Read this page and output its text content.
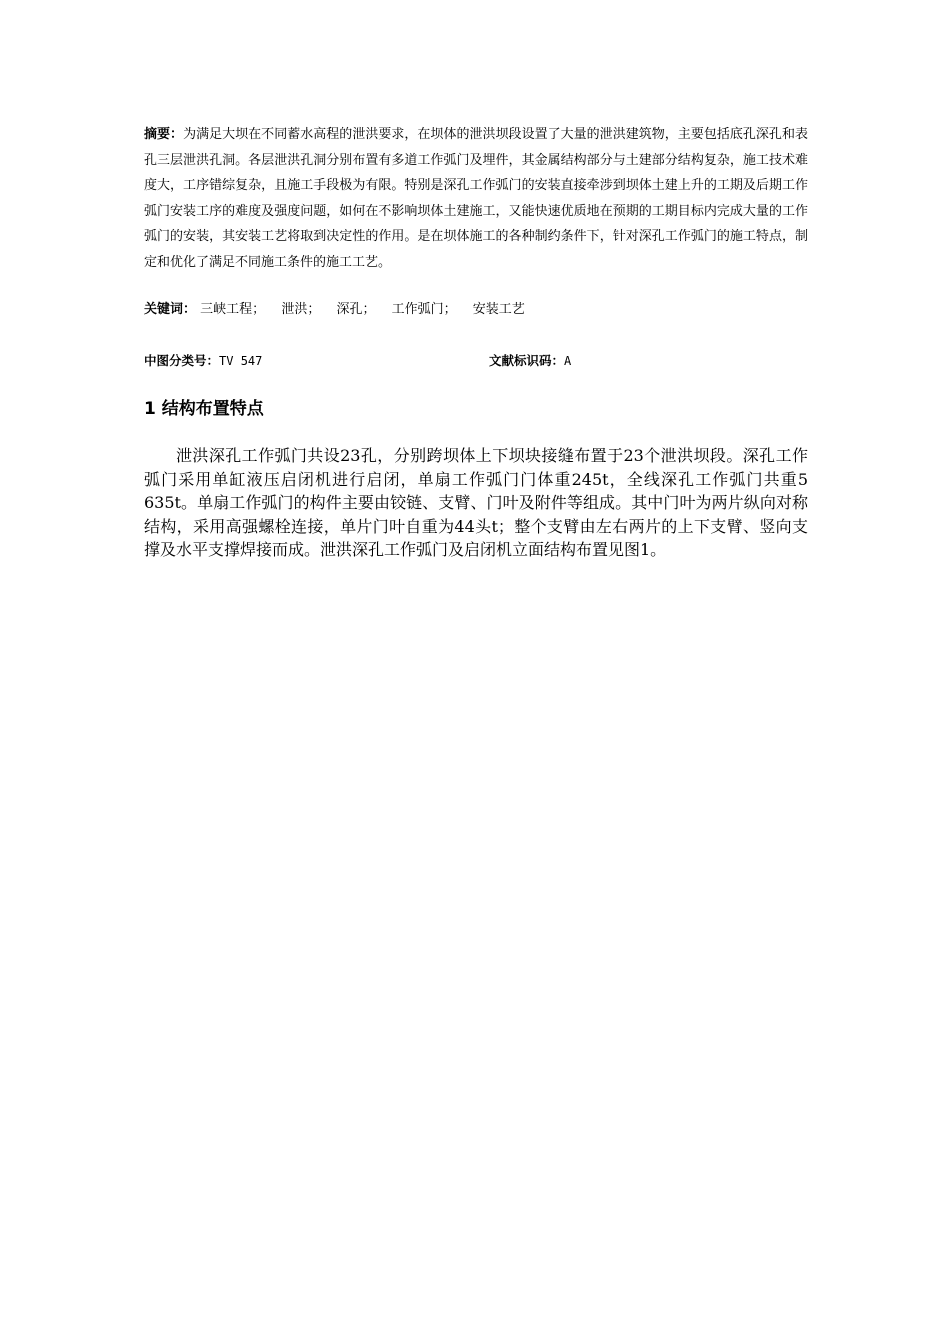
摘要：为满足大坝在不同蓄水高程的泄洪要求，在坝体的泄洪坝段设置了大量的泄洪建筑物，主要包括底孔深孔和表孔三层泄洪孔洞。各层泄洪孔洞分别布置有多道工作弧门及埋件，其金属结构部分与土建部分结构复杂，施工技术难度大，工序错综复杂，且施工手段极为有限。特别是深孔工作弧门的安装直接牵涉到坝体土建上升的工期及后期工作弧门安装工序的难度及强度问题，如何在不影响坝体土建施工，又能快速优质地在预期的工期目标内完成大量的工作弧门的安装，其安装工艺将取到决定性的作用。是在坝体施工的各种制约条件下，针对深孔工作弧门的施工特点，制定和优化了满足不同施工条件的施工工艺。

关键词： 三峡工程； 泄洪； 深孔； 工作弧门； 安装工艺
中图分类号：TV 547	文献标识码：A
1 结构布置特点

泄洪深孔工作弧门共设23孔，分别跨坝体上下坝块接缝布置于23个泄洪坝段。深孔工作弧门采用单缸液压启闭机进行启闭，单扇工作弧门门体重245t，全线深孔工作弧门共重5 635t。单扇工作弧门的构件主要由铰链、支臂、门叶及附件等组成。其中门叶为两片纵向对称结构，采用高强螺栓连接，单片门叶自重为44头t；整个支臂由左右两片的上下支臂、竖向支撑及水平支撑焊接而成。泄洪深孔工作弧门及启闭机立面结构布置见图1。
